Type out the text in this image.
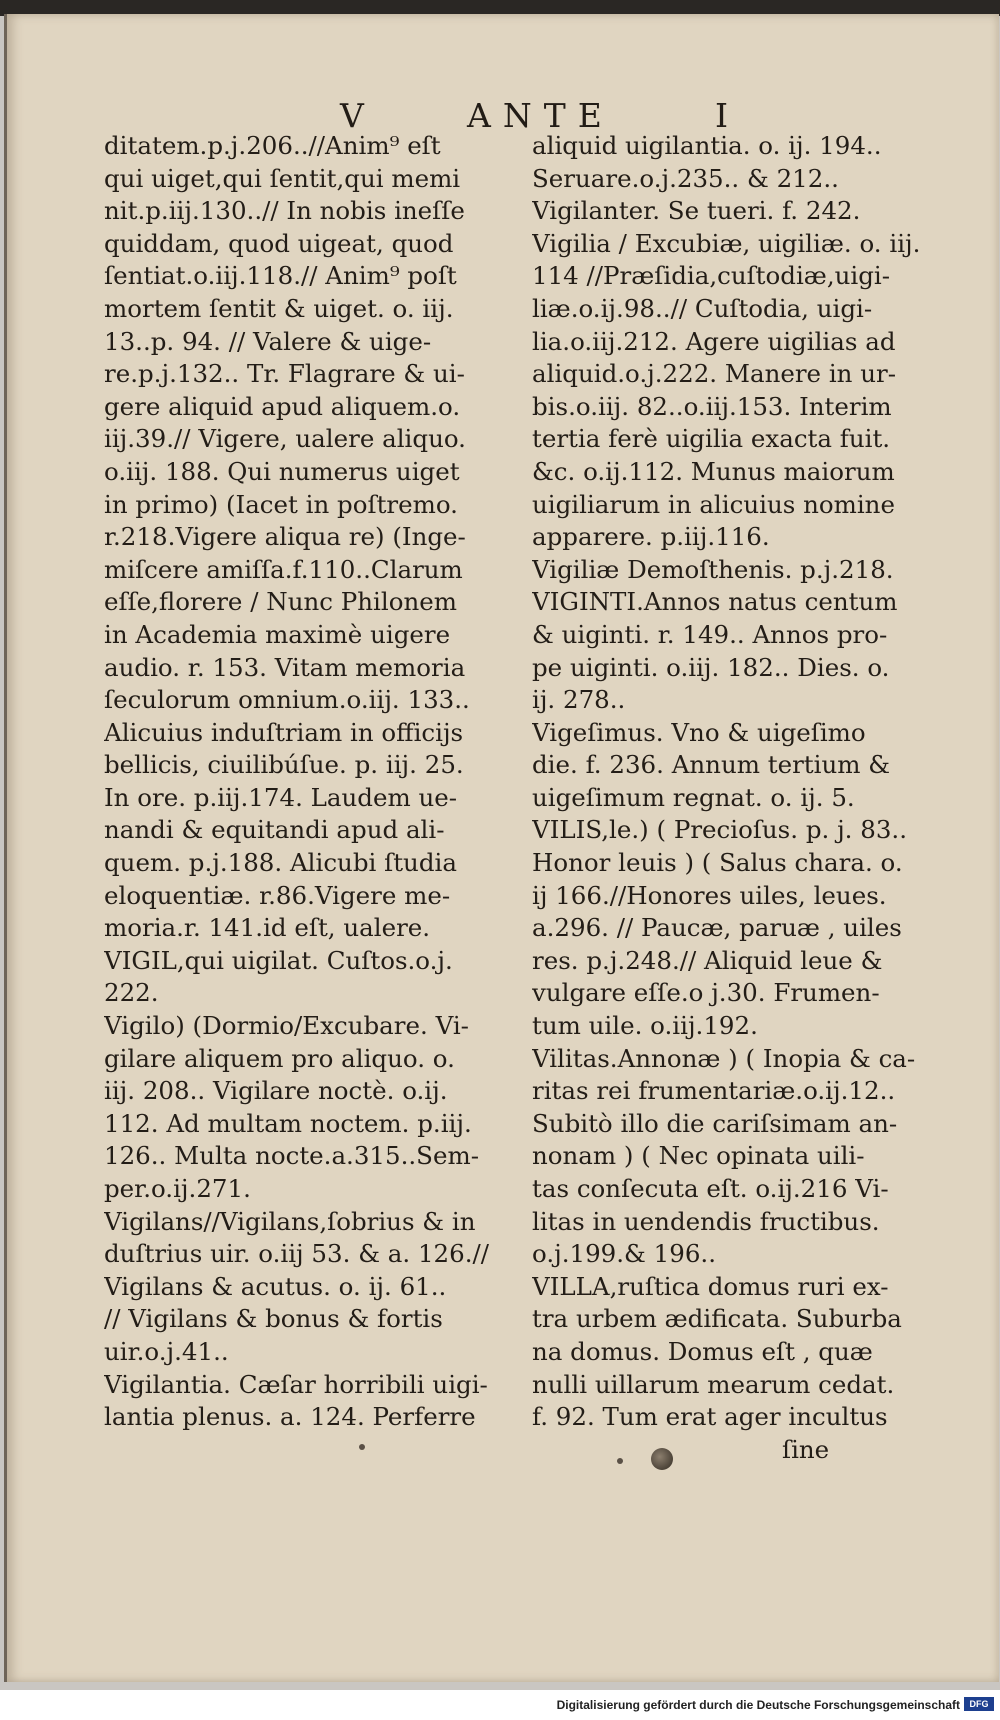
V	ANTE	I
ditatem.p.j.206..//Anim⁹ eſt
qui uiget,qui ſentit,qui memi
nit.p.iij.130..// In nobis ineſſe
quiddam, quod uigeat, quod
ſentiat.o.iij.118.// Anim⁹ poſt
mortem ſentit & uiget. o. iij.
13..p. 94. // Valere & uige-
re.p.j.132.. Tr. Flagrare & ui-
gere aliquid apud aliquem.o.
iij.39.// Vigere, ualere aliquo.
o.iij. 188. Qui numerus uiget
in primo) (Iacet in poſtremo.
r.218.Vigere aliqua re) (Inge-
miſcere amiſſa.f.110..Clarum
eſſe,florere / Nunc Philonem
in Academia maximè uigere
audio. r. 153. Vitam memoria
ſeculorum omnium.o.iij. 133..
Alicuius induſtriam in officijs
bellicis, ciuilibúſue. p. iij. 25.
In ore. p.iij.174. Laudem ue-
nandi & equitandi apud ali-
quem. p.j.188. Alicubi ſtudia
eloquentiæ. r.86.Vigere me-
moria.r. 141.id eſt, ualere.
VIGIL,qui uigilat. Cuſtos.o.j.
222.
Vigilo) (Dormio/Excubare. Vi-
gilare aliquem pro aliquo. o.
iij. 208.. Vigilare noctè. o.ij.
112. Ad multam noctem. p.iij.
126.. Multa nocte.a.315..Sem-
per.o.ij.271.
Vigilans//Vigilans,ſobrius & in
duſtrius uir. o.iij 53. & a. 126.//
Vigilans & acutus. o. ij. 61..
// Vigilans & bonus & fortis
uir.o.j.41..
Vigilantia. Cæſar horribili uigi-
lantia plenus. a. 124. Perferre
aliquid uigilantia. o. ij. 194..
Seruare.o.j.235.. & 212..
Vigilanter. Se tueri. f. 242.
Vigilia / Excubiæ, uigiliæ. o. iij.
114 //Præſidia,cuſtodiæ,uigi-
liæ.o.ij.98..// Cuſtodia, uigi-
lia.o.iij.212. Agere uigilias ad
aliquid.o.j.222. Manere in ur-
bis.o.iij. 82..o.iij.153. Interim
tertia ferè uigilia exacta fuit.
&c. o.ij.112. Munus maiorum
uigiliarum in alicuius nomine
apparere. p.iij.116.
Vigiliæ Demoſthenis. p.j.218.
VIGINTI.Annos natus centum
& uiginti. r. 149.. Annos pro-
pe uiginti. o.iij. 182.. Dies. o.
ij. 278..
Vigeſimus. Vno & uigeſimo
die. f. 236. Annum tertium &
uigeſimum regnat. o. ij. 5.
VILIS,le.) ( Precioſus. p. j. 83..
Honor leuis ) ( Salus chara. o.
ij 166.//Honores uiles, leues.
a.296. // Paucæ, paruæ , uiles
res. p.j.248.// Aliquid leue &
vulgare eſſe.o j.30. Frumen-
tum uile. o.iij.192.
Vilitas.Annonæ ) ( Inopia & ca-
ritas rei frumentariæ.o.ij.12..
Subitò illo die cariſsimam an-
nonam ) ( Nec opinata uili-
tas conſecuta eſt. o.ij.216 Vi-
litas in uendendis fructibus.
o.j.199.& 196..
VILLA,ruſtica domus ruri ex-
tra urbem ædificata. Suburba
na domus. Domus eſt , quæ
nulli uillarum mearum cedat.
f. 92. Tum erat ager incultus
ſine
Digitalisierung gefördert durch die Deutsche Forschungsgemeinschaft	DFG
